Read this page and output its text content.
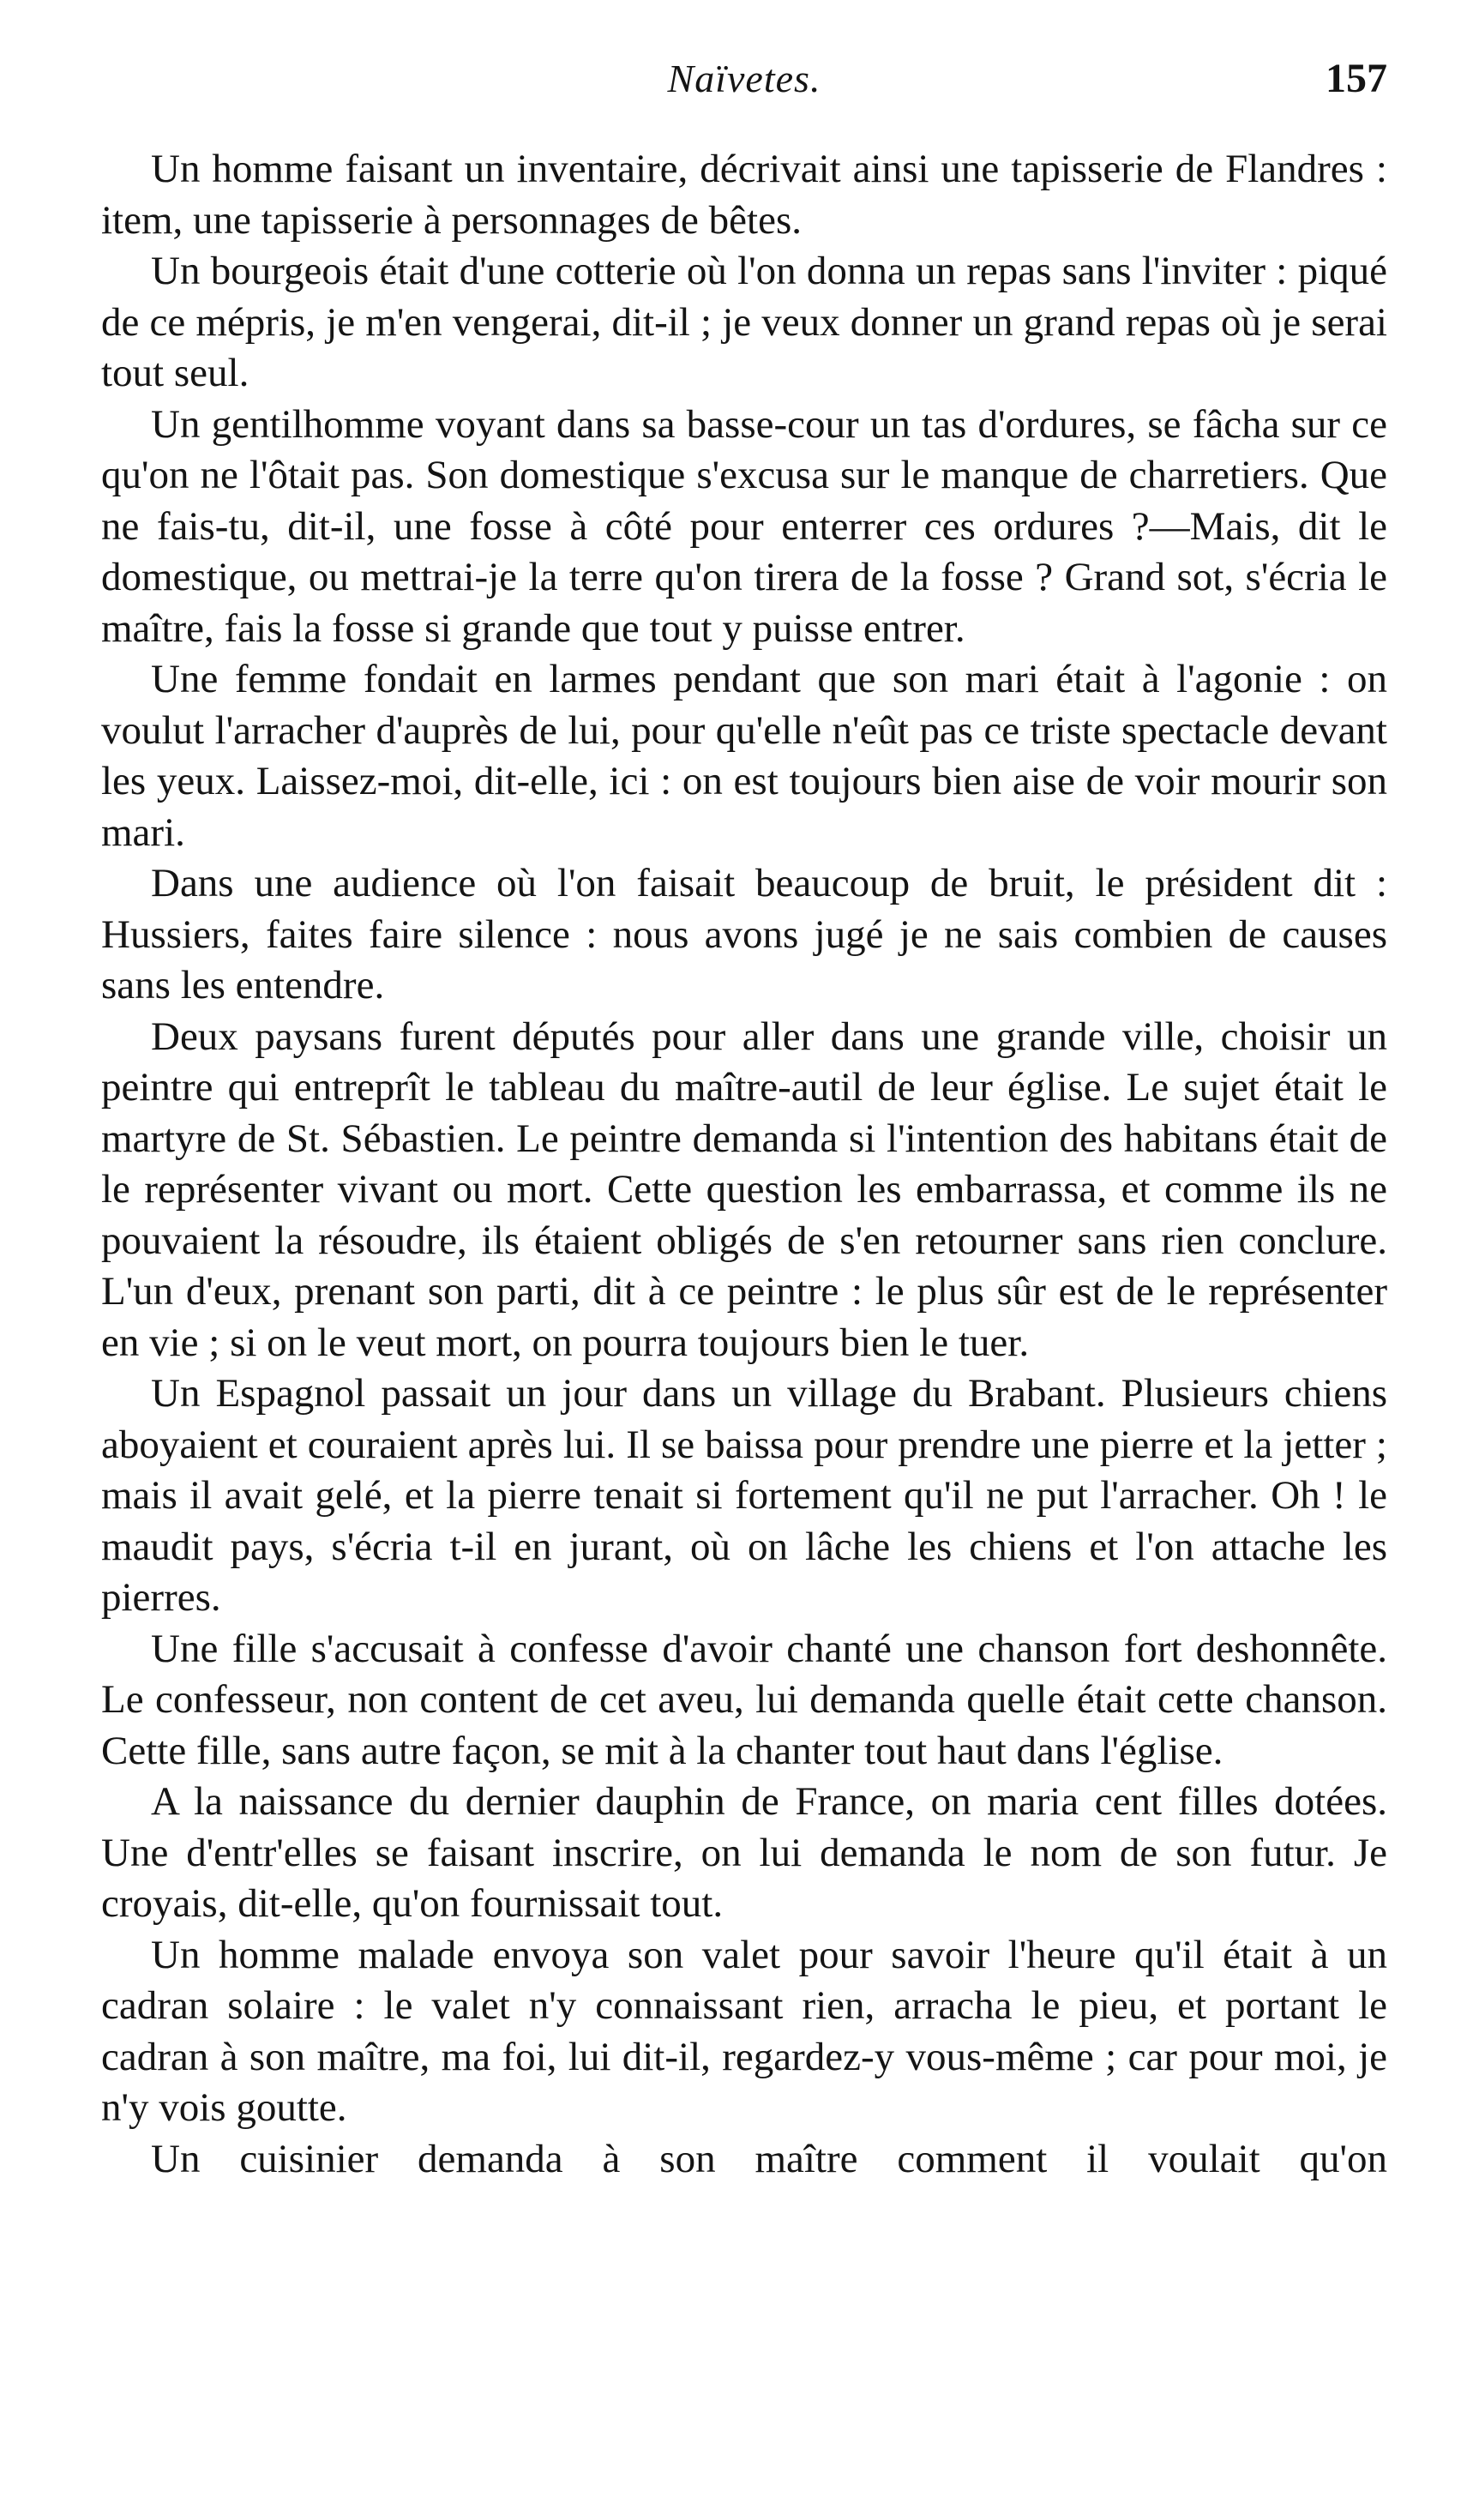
Naïvetes.	157

Un homme faisant un inventaire, décrivait ainsi une tapisserie de Flandres : item, une tapisserie à personnages de bêtes.

Un bourgeois était d'une cotterie où l'on donna un repas sans l'inviter : piqué de ce mépris, je m'en vengerai, dit-il ; je veux donner un grand repas où je serai tout seul.

Un gentilhomme voyant dans sa basse-cour un tas d'ordures, se fâcha sur ce qu'on ne l'ôtait pas. Son domestique s'excusa sur le manque de charretiers. Que ne fais-tu, dit-il, une fosse à côté pour enterrer ces ordures ?—Mais, dit le domestique, ou mettrai-je la terre qu'on tirera de la fosse ? Grand sot, s'écria le maître, fais la fosse si grande que tout y puisse entrer.

Une femme fondait en larmes pendant que son mari était à l'agonie : on voulut l'arracher d'auprès de lui, pour qu'elle n'eût pas ce triste spectacle devant les yeux. Laissez-moi, dit-elle, ici : on est toujours bien aise de voir mourir son mari.

Dans une audience où l'on faisait beaucoup de bruit, le président dit : Hussiers, faites faire silence : nous avons jugé je ne sais combien de causes sans les entendre.

Deux paysans furent députés pour aller dans une grande ville, choisir un peintre qui entreprît le tableau du maître-autil de leur église. Le sujet était le martyre de St. Sébastien. Le peintre demanda si l'intention des habitans était de le représenter vivant ou mort. Cette question les embarrassa, et comme ils ne pouvaient la résoudre, ils étaient obligés de s'en retourner sans rien conclure. L'un d'eux, prenant son parti, dit à ce peintre : le plus sûr est de le représenter en vie ; si on le veut mort, on pourra toujours bien le tuer.

Un Espagnol passait un jour dans un village du Brabant. Plusieurs chiens aboyaient et couraient après lui. Il se baissa pour prendre une pierre et la jetter ; mais il avait gelé, et la pierre tenait si fortement qu'il ne put l'arracher. Oh ! le maudit pays, s'écria t-il en jurant, où on lâche les chiens et l'on attache les pierres.

Une fille s'accusait à confesse d'avoir chanté une chanson fort deshonnête. Le confesseur, non content de cet aveu, lui demanda quelle était cette chanson. Cette fille, sans autre façon, se mit à la chanter tout haut dans l'église.

A la naissance du dernier dauphin de France, on maria cent filles dotées. Une d'entr'elles se faisant inscrire, on lui demanda le nom de son futur. Je croyais, dit-elle, qu'on fournissait tout.

Un homme malade envoya son valet pour savoir l'heure qu'il était à un cadran solaire : le valet n'y connaissant rien, arracha le pieu, et portant le cadran à son maître, ma foi, lui dit-il, regardez-y vous-même ; car pour moi, je n'y vois goutte.

Un cuisinier demanda à son maître comment il voulait qu'on
